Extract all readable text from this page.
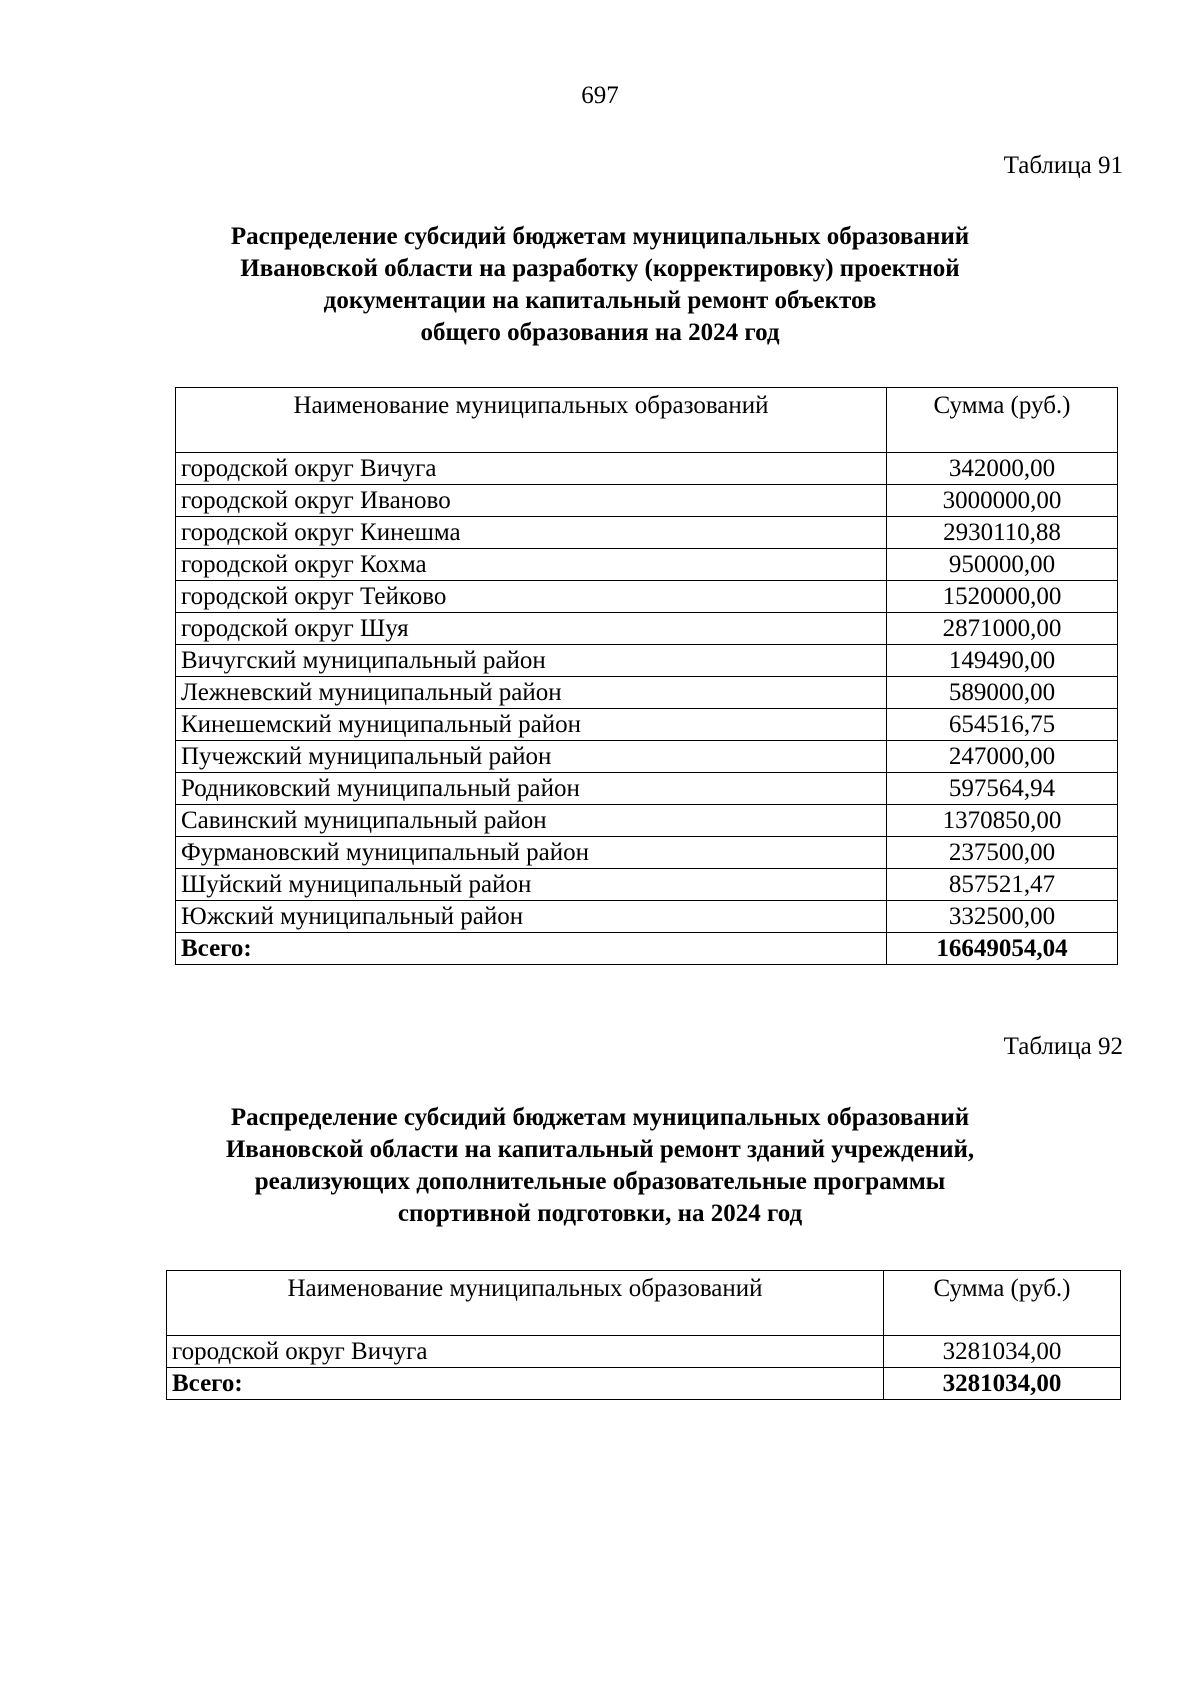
697
Таблица 91
Распределение субсидий бюджетам муниципальных образований
Ивановской области на разработку (корректировку) проектной
документации на капитальный ремонт объектов
общего образования на 2024 год
Наименование муниципальных образований	Сумма (руб.)
городской округ Вичуга	342000,00
городской округ Иваново	3000000,00
городской округ Кинешма	2930110,88
городской округ Кохма	950000,00
городской округ Тейково	1520000,00
городской округ Шуя	2871000,00
Вичугский муниципальный район	149490,00
Лежневский муниципальный район	589000,00
Кинешемский муниципальный район	654516,75
Пучежский муниципальный район	247000,00
Родниковский муниципальный район	597564,94
Савинский муниципальный район	1370850,00
Фурмановский муниципальный район	237500,00
Шуйский муниципальный район	857521,47
Южский муниципальный район	332500,00
Всего:	16649054,04
Таблица 92
Распределение субсидий бюджетам муниципальных образований
Ивановской области на капитальный ремонт зданий учреждений,
реализующих дополнительные образовательные программы
спортивной подготовки, на 2024 год
Наименование муниципальных образований	Сумма (руб.)
городской округ Вичуга	3281034,00
Всего:	3281034,00
